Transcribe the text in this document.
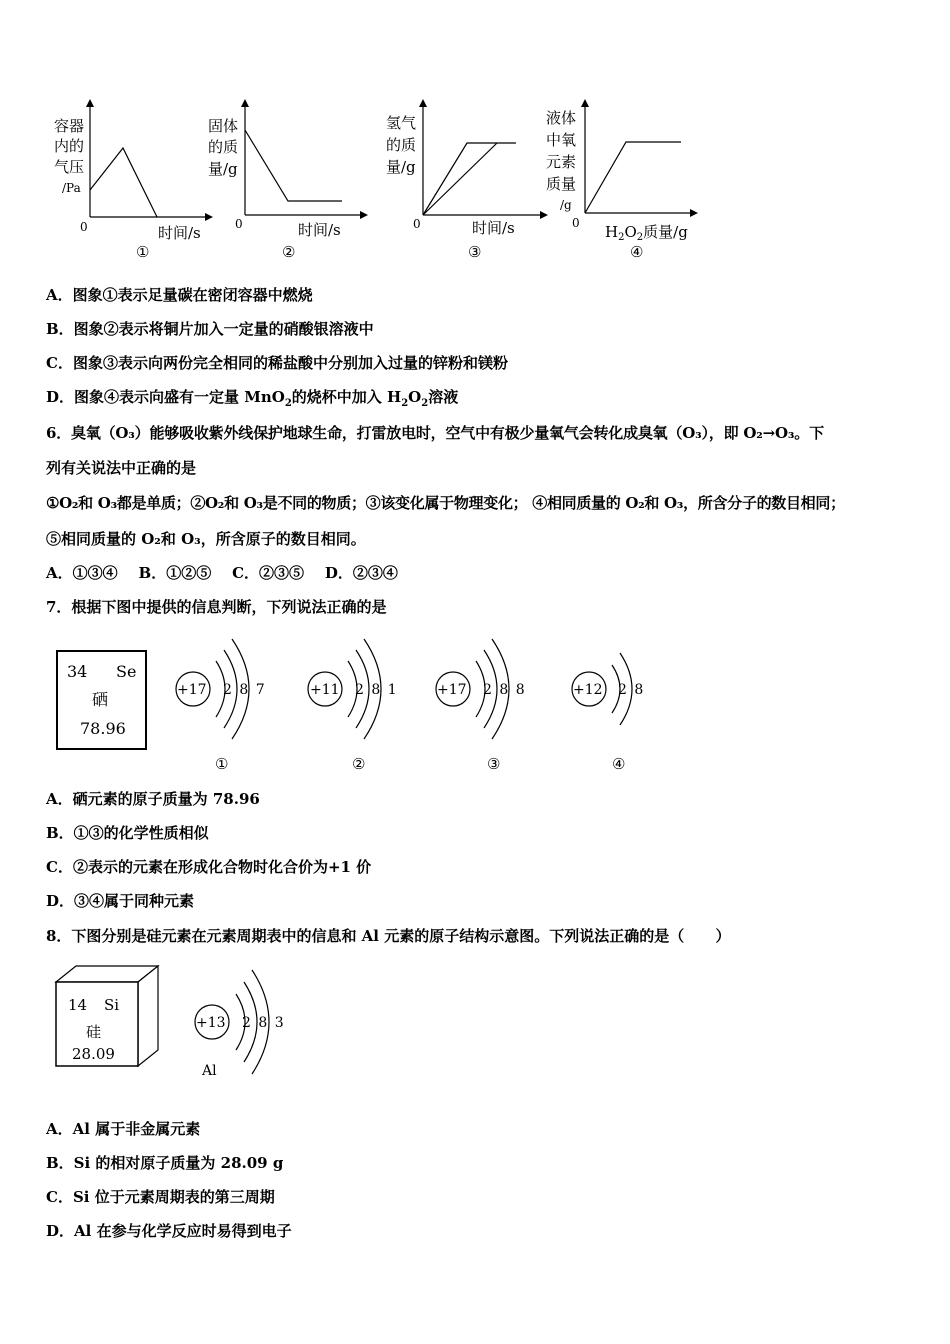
容器
内的
气压
/Pa
0	时间/s
①
固体
的质
量/g
0	时间/s
②
氢气
的质
量/g
0	时间/s
③
液体
中氧
元素
质量
/g
0 $H_2O_2$质量/g
④
A．图象①表示足量碳在密闭容器中燃烧
B．图象②表示将铜片加入一定量的硝酸银溶液中
C．图象③表示向两份完全相同的稀盐酸中分别加入过量的锌粉和镁粉
D．图象④表示向盛有一定量 MnO$_2$的烧杯中加入 $H_2O_2$溶液
6．臭氧（O₃）能够吸收紫外线保护地球生命，打雷放电时，空气中有极少量氧气会转化成臭氧（O₃），即 O₂→O₃。下
列有关说法中正确的是
①O₂和 O₃都是单质；②O₂和 O₃是不同的物质；③该变化属于物理变化； ④相同质量的 O₂和 O₃，所含分子的数目相同；
⑤相同质量的 O₂和 O₃，所含原子的数目相同。
A．①③④    B．①②⑤    C．②③⑤    D．②③④
7．根据下图中提供的信息判断，下列说法正确的是
34 Se
硒
78.96
+17 2 8 7
①
+11 2 8 1
②
+17 2 8 8
③
+12 2 8
④
A．硒元素的原子质量为 78.96
B．①③的化学性质相似
C．②表示的元素在形成化合物时化合价为+1 价
D．③④属于同种元素
8．下图分别是硅元素在元素周期表中的信息和 Al 元素的原子结构示意图。下列说法正确的是（      ）
14 Si
硅
28.09
+13 2 8 3
Al
A．Al 属于非金属元素
B．Si 的相对原子质量为 28.09 g
C．Si 位于元素周期表的第三周期
D．Al 在参与化学反应时易得到电子
